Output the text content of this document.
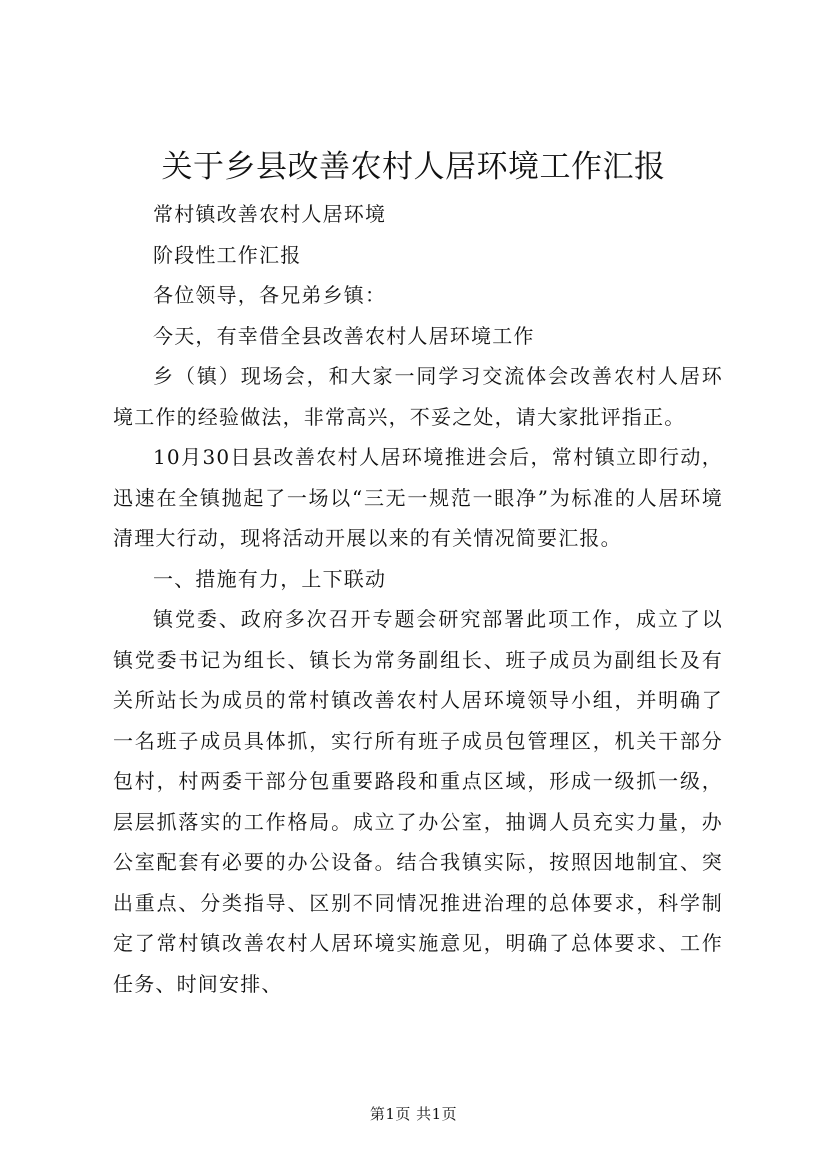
关于乡县改善农村人居环境工作汇报

常村镇改善农村人居环境

阶段性工作汇报

各位领导，各兄弟乡镇：

今天，有幸借全县改善农村人居环境工作

乡（镇）现场会，和大家一同学习交流体会改善农村人居环境工作的经验做法，非常高兴，不妥之处，请大家批评指正。

10月30日县改善农村人居环境推进会后，常村镇立即行动，迅速在全镇抛起了一场以“三无一规范一眼净”为标准的人居环境清理大行动，现将活动开展以来的有关情况简要汇报。

一、措施有力，上下联动

镇党委、政府多次召开专题会研究部署此项工作，成立了以镇党委书记为组长、镇长为常务副组长、班子成员为副组长及有关所站长为成员的常村镇改善农村人居环境领导小组，并明确了一名班子成员具体抓，实行所有班子成员包管理区，机关干部分包村，村两委干部分包重要路段和重点区域，形成一级抓一级，层层抓落实的工作格局。成立了办公室，抽调人员充实力量，办公室配套有必要的办公设备。结合我镇实际，按照因地制宜、突出重点、分类指导、区别不同情况推进治理的总体要求，科学制定了常村镇改善农村人居环境实施意见，明确了总体要求、工作任务、时间安排、

第1页 共1页
